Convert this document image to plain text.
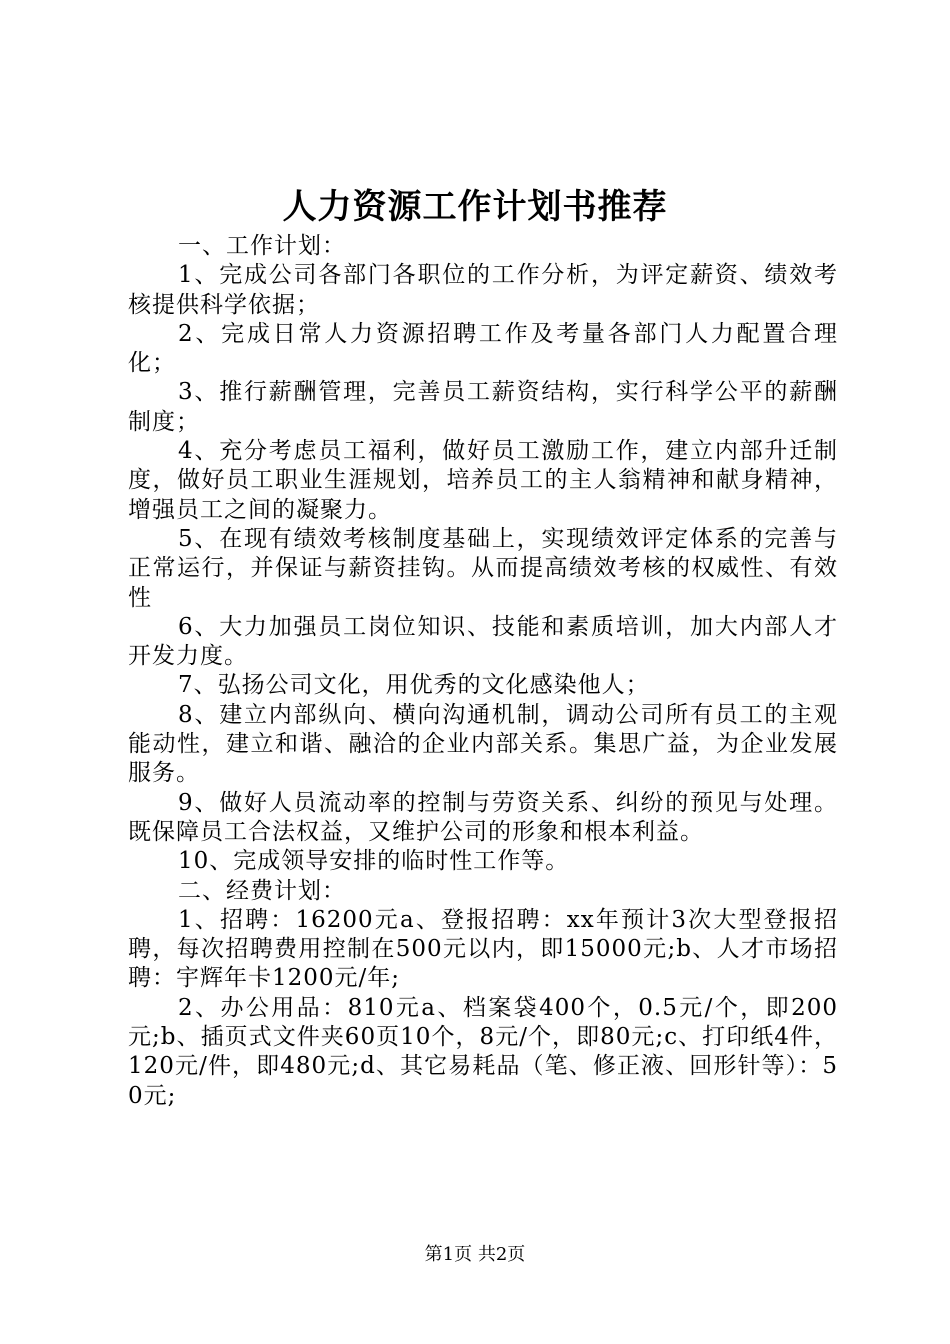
人力资源工作计划书推荐

一、工作计划：

1、完成公司各部门各职位的工作分析，为评定薪资、绩效考核提供科学依据；

2、完成日常人力资源招聘工作及考量各部门人力配置合理化；

3、推行薪酬管理，完善员工薪资结构，实行科学公平的薪酬制度；

4、充分考虑员工福利，做好员工激励工作，建立内部升迁制度，做好员工职业生涯规划，培养员工的主人翁精神和献身精神，增强员工之间的凝聚力。

5、在现有绩效考核制度基础上，实现绩效评定体系的完善与正常运行，并保证与薪资挂钩。从而提高绩效考核的权威性、有效性

6、大力加强员工岗位知识、技能和素质培训，加大内部人才开发力度。

7、弘扬公司文化，用优秀的文化感染他人；

8、建立内部纵向、横向沟通机制，调动公司所有员工的主观能动性，建立和谐、融洽的企业内部关系。集思广益，为企业发展服务。

9、做好人员流动率的控制与劳资关系、纠纷的预见与处理。既保障员工合法权益，又维护公司的形象和根本利益。

10、完成领导安排的临时性工作等。

二、经费计划：

1、招聘：16200元a、登报招聘：xx年预计3次大型登报招聘，每次招聘费用控制在500元以内，即15000元;b、人才市场招聘：宇辉年卡1200元/年;

2、办公用品：810元a、档案袋400个，0.5元/个，即200元;b、插页式文件夹60页10个，8元/个，即80元;c、打印纸4件，120元/件，即480元;d、其它易耗品（笔、修正液、回形针等）：50元;

第1页 共2页
